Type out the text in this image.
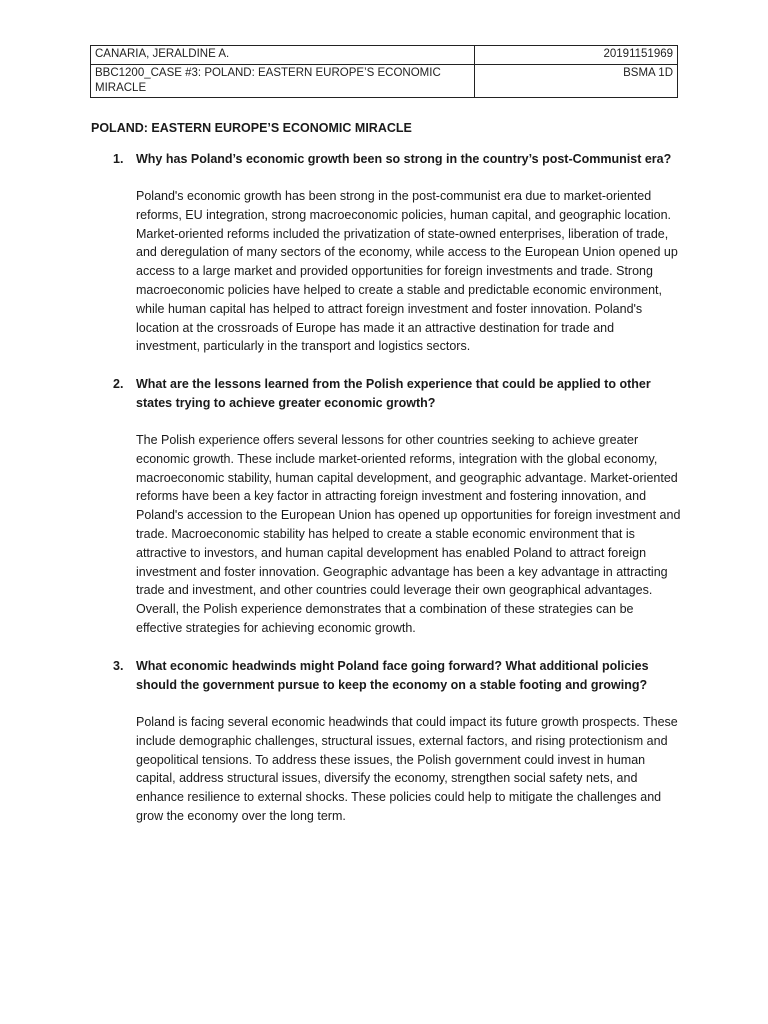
CANARIA, JERALDINE A.	20191151969
BBC1200_CASE #3: POLAND: EASTERN EUROPE’S ECONOMIC MIRACLE	BSMA 1D
POLAND: EASTERN EUROPE’S ECONOMIC MIRACLE
1. Why has Poland’s economic growth been so strong in the country’s post-Communist era?

Poland's economic growth has been strong in the post-communist era due to market-oriented reforms, EU integration, strong macroeconomic policies, human capital, and geographic location. Market-oriented reforms included the privatization of state-owned enterprises, liberation of trade, and deregulation of many sectors of the economy, while access to the European Union opened up access to a large market and provided opportunities for foreign investments and trade. Strong macroeconomic policies have helped to create a stable and predictable economic environment, while human capital has helped to attract foreign investment and foster innovation. Poland's location at the crossroads of Europe has made it an attractive destination for trade and investment, particularly in the transport and logistics sectors.

2. What are the lessons learned from the Polish experience that could be applied to other states trying to achieve greater economic growth?

The Polish experience offers several lessons for other countries seeking to achieve greater economic growth. These include market-oriented reforms, integration with the global economy, macroeconomic stability, human capital development, and geographic advantage. Market-oriented reforms have been a key factor in attracting foreign investment and fostering innovation, and Poland's accession to the European Union has opened up opportunities for foreign investment and trade. Macroeconomic stability has helped to create a stable economic environment that is attractive to investors, and human capital development has enabled Poland to attract foreign investment and foster innovation. Geographic advantage has been a key advantage in attracting trade and investment, and other countries could leverage their own geographical advantages. Overall, the Polish experience demonstrates that a combination of these strategies can be effective strategies for achieving economic growth.

3. What economic headwinds might Poland face going forward? What additional policies should the government pursue to keep the economy on a stable footing and growing?

Poland is facing several economic headwinds that could impact its future growth prospects. These include demographic challenges, structural issues, external factors, and rising protectionism and geopolitical tensions. To address these issues, the Polish government could invest in human capital, address structural issues, diversify the economy, strengthen social safety nets, and enhance resilience to external shocks. These policies could help to mitigate the challenges and grow the economy over the long term.
